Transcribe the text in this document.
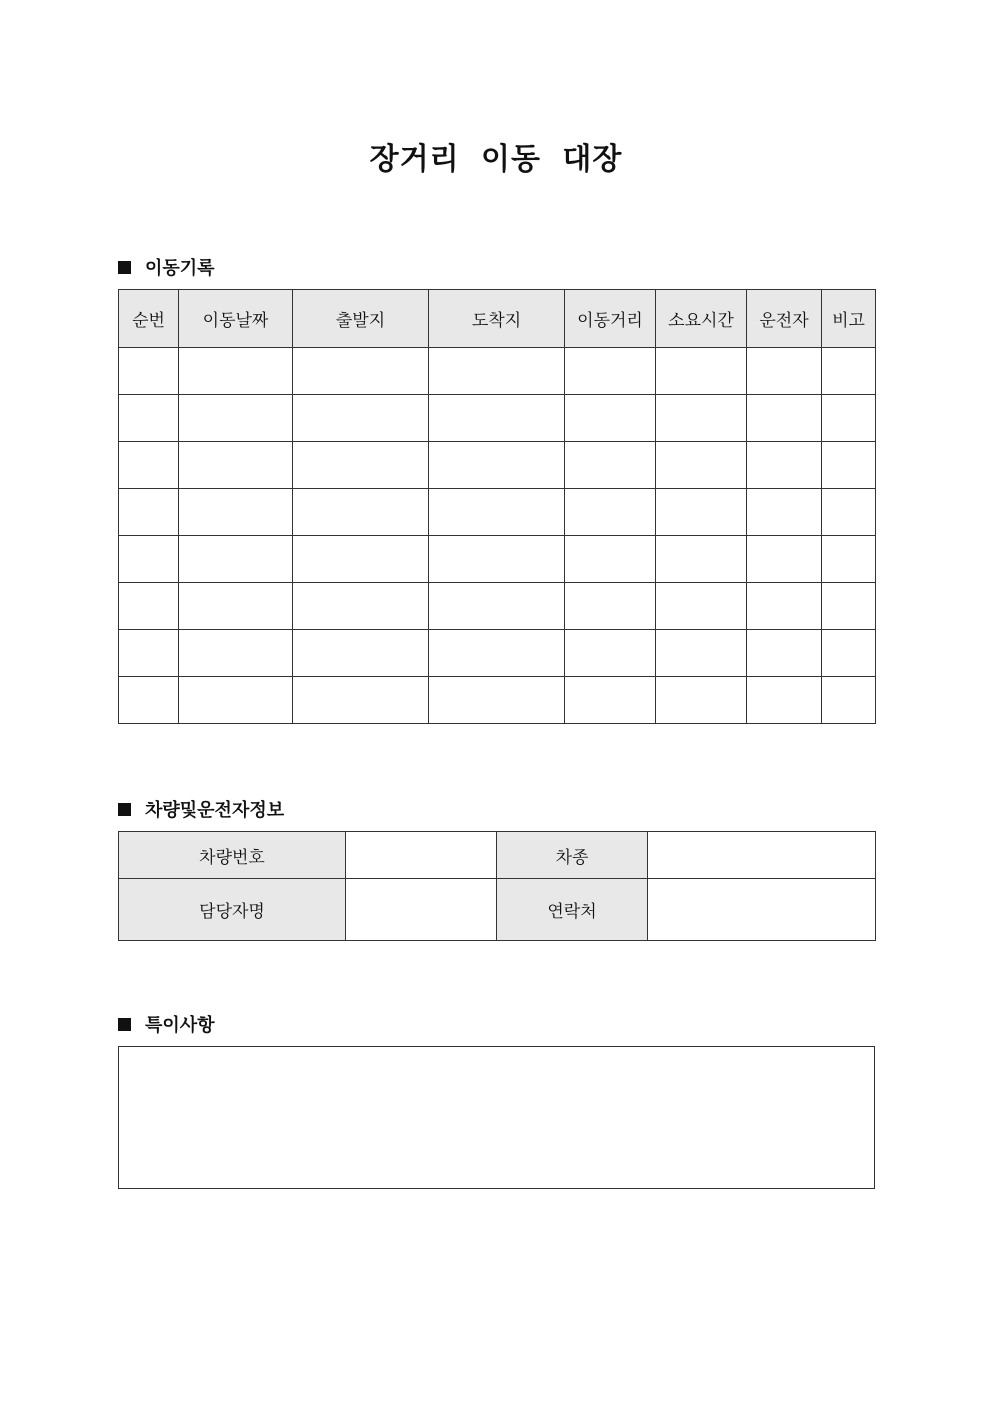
장거리 이동 대장
이동기록
순번	이동날짜	출발지	도착지	이동거리	소요시간	운전자	비고

차량및운전자정보
차량번호		차종	
담당자명		연락처	
특이사항
